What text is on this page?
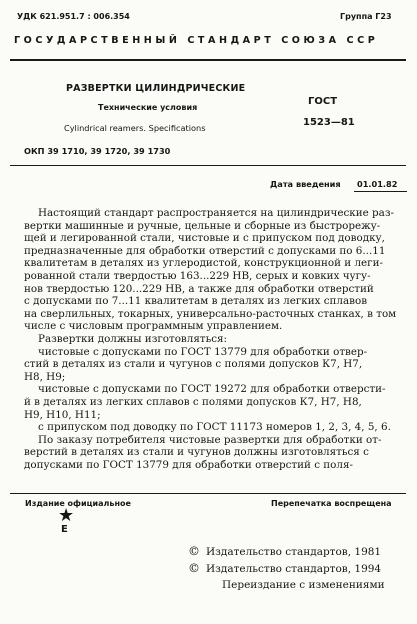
УДК 621.951.7 : 006.354	Группа Г23
ГОСУДАРСТВЕННЫЙ СТАНДАРТ СОЮЗА ССР
РАЗВЕРТКИ ЦИЛИНДРИЧЕСКИЕ
Технические условия
Cylindrical reamers. Specifications
ГОСТ
1523—81
ОКП 39 1710, 39 1720, 39 1730
Дата введения 01.01.82
Настоящий стандарт распространяется на цилиндрические раз-
вертки машинные и ручные, цельные и сборные из быстрорежу-
щей и легированной стали, чистовые и с припуском под доводку,
предназначенные для обработки отверстий с допусками по 6...11
квалитетам в деталях из углеродистой, конструкционной и леги-
рованной стали твердостью 163...229 НВ, серых и ковких чугу-
нов твердостью 120...229 НВ, а также для обработки отверстий
с допусками по 7...11 квалитетам в деталях из легких сплавов
на сверлильных, токарных, универсально-расточных станках, в том
числе с числовым программным управлением.
Развертки должны изготовляться:
чистовые с допусками по ГОСТ 13779 для обработки отвер-
стий в деталях из стали и чугунов с полями допусков К7, Н7,
Н8, Н9;
чистовые с допусками по ГОСТ 19272 для обработки отверсти-
й в деталях из легких сплавов с полями допусков К7, Н7, Н8,
Н9, Н10, Н11;
с припуском под доводку по ГОСТ 11173 номеров 1, 2, 3, 4, 5, 6.
По заказу потребителя чистовые развертки для обработки от-
верстий в деталях из стали и чугунов должны изготовляться с
допусками по ГОСТ 13779 для обработки отверстий с поля-
Издание официальное	Перепечатка воспрещена
★
Е
© Издательство стандартов, 1981
© Издательство стандартов, 1994
Переиздание с изменениями
